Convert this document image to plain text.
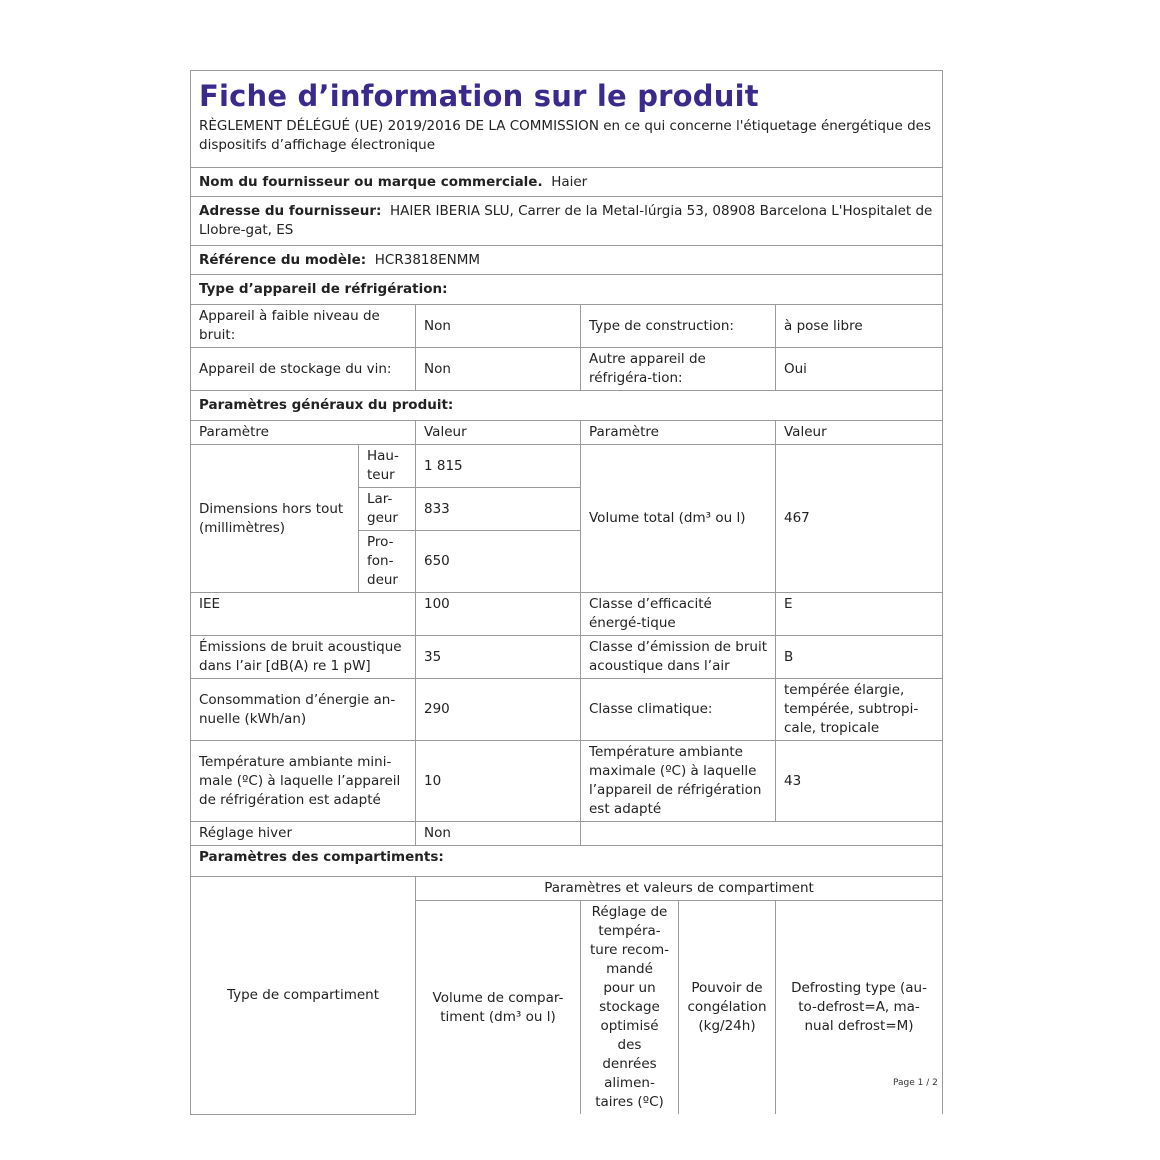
Fiche d’information sur le produit
RÈGLEMENT DÉLÉGUÉ (UE) 2019/2016 DE LA COMMISSION en ce qui concerne l'étiquetage énergétique des dispositifs d’affichage électronique					

Nom du fournisseur ou marque commerciale. Haier					
Adresse du fournisseur: HAIER IBERIA SLU, Carrer de la Metal-lúrgia 53, 08908 Barcelona L'Hospitalet de Llobre-gat, ES					
Référence du modèle: HCR3818ENMM					
Type d’appareil de réfrigération:					
Appareil à faible niveau de bruit:		Non	Type de construction:		à pose libre
Appareil de stockage du vin:		Non	Autre appareil de réfrigéra-tion:		Oui
Paramètres généraux du produit:					
Paramètre		Valeur	Paramètre		Valeur
Dimensions hors tout (millimètres)	Hau-teur	1 815	Volume total (dm³ ou l)		467
	Lar-geur	833			
	Pro-fon-deur	650			
IEE		100	Classe d’efficacité énergé-tique		E
Émissions de bruit acoustique dans l’air [dB(A) re 1 pW]		35	Classe d’émission de bruit acoustique dans l’air		B
Consommation d’énergie an-nuelle (kWh/an)		290	Classe climatique:		tempérée élargie, tempérée, subtropi-cale, tropicale
Température ambiante mini-male (ºC) à laquelle l’appareil de réfrigération est adapté		10	Température ambiante maximale (ºC) à laquelle l’appareil de réfrigération est adapté		43
Réglage hiver		Non			
Paramètres des compartiments:					
Type de compartiment		Paramètres et valeurs de compartiment			
		Volume de compar-timent (dm³ ou l)	Réglage de tempéra-ture recom-mandé pour un stockage optimisé des denrées alimen-taires (ºC)	Pouvoir de congélation (kg/24h)	Defrosting type (au-to-defrost=A, ma-nual defrost=M)
Page 1 / 2
